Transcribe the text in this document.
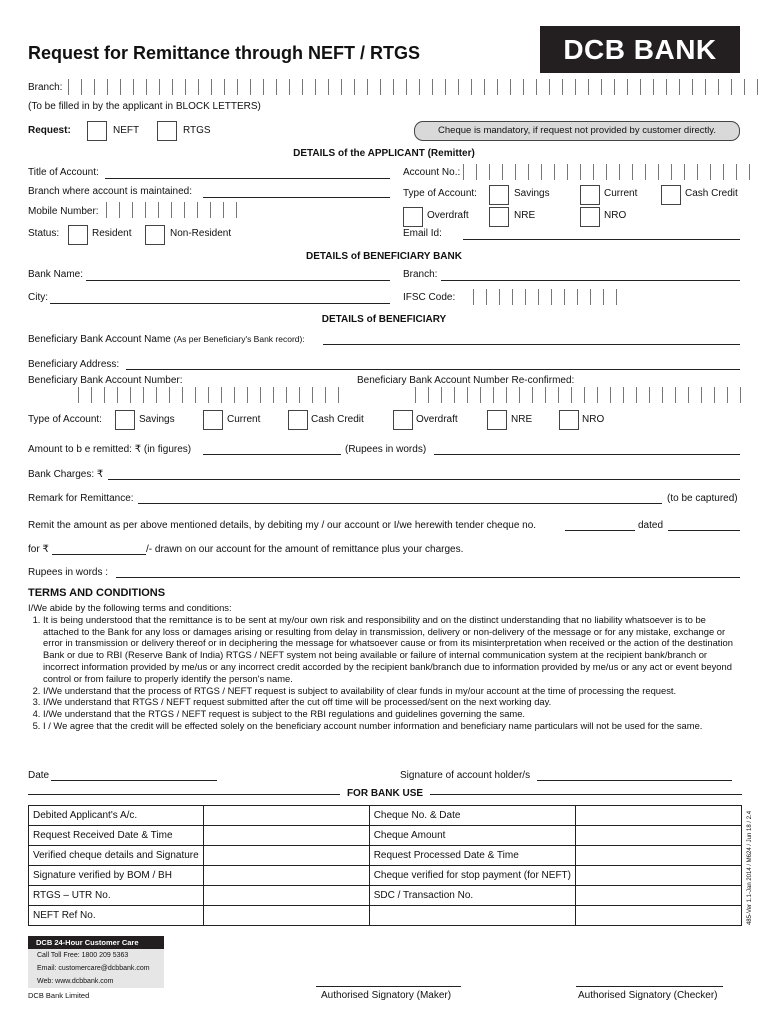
Request for Remittance through NEFT / RTGS	DCB BANK
Branch:
(To be filled in by the applicant in BLOCK LETTERS)
Request:	NEFT	RTGS	Cheque is mandatory, if request not provided by customer directly.
DETAILS of the APPLICANT (Remitter)
Title of Account:
Branch where account is maintained:
Mobile Number:
Status:	Resident	Non-Resident
Account No.:
Type of Account:	Savings	Current	Cash Credit
Overdraft	NRE	NRO
Email Id:
DETAILS of BENEFICIARY BANK
Bank Name:	Branch:
City:	IFSC Code:
DETAILS of BENEFICIARY
Beneficiary Bank Account Name (As per Beneficiary's Bank record):
Beneficiary Address:
Beneficiary Bank Account Number:	Beneficiary Bank Account Number Re-confirmed:
Type of Account:	Savings	Current	Cash Credit	Overdraft	NRE	NRO
Amount to b e remitted: ₹ (in figures)	(Rupees in words)
Bank Charges: ₹
Remark for Remittance:	(to be captured)
Remit the amount as per above mentioned details, by debiting my / our account or I/we herewith tender cheque no.	dated
for ₹	/- drawn on our account for the amount of remittance plus your charges.
Rupees in words :
TERMS AND CONDITIONS
I/We abide by the following terms and conditions:
1. It is being understood that the remittance is to be sent at my/our own risk and responsibility and on the distinct understanding that no liability whatsoever is to be attached to the Bank for any loss or damages arising or resulting from delay in transmission, delivery or non-delivery of the message or for any mistake, exchange or error in transmission or delivery thereof or in deciphering the message for whatsoever cause or from its misinterpretation when received or the action of the destination Bank or due to RBI (Reserve Bank of India) RTGS / NEFT system not being available or failure of internal communication system at the recipient bank/branch or incorrect information provided by me/us or any incorrect credit accorded by the recipient bank/branch due to information provided by me/us or any act or event beyond control or from failure to properly identify the person's name.
2. I/We understand that the process of RTGS / NEFT request is subject to availability of clear funds in my/our account at the time of processing the request.
3. I/We understand that RTGS / NEFT request submitted after the cut off time will be processed/sent on the next working day.
4. I/We understand that the RTGS / NEFT request is subject to the RBI regulations and guidelines governing the same.
5. I / We agree that the credit will be effected solely on the beneficiary account number information and beneficiary name particulars will not be used for the same.
Date	Signature of account holder/s
FOR BANK USE
Debited Applicant's A/c.		Cheque No. & Date	
Request Received Date & Time		Cheque Amount	
Verified cheque details and Signature		Request Processed Date & Time	
Signature verified by BOM / BH		Cheque verified for stop payment (for NEFT)	
RTGS – UTR No.		SDC / Transaction No.	
NEFT Ref No.				485-Ver 1.1-Jan 2014 / M624 / Jun 18 / 2.4
DCB 24-Hour Customer Care
Call Toll Free: 1800 209 5363
Email: customercare@dcbbank.com
Web: www.dcbbank.com
DCB Bank Limited	Authorised Signatory (Maker)	Authorised Signatory (Checker)
